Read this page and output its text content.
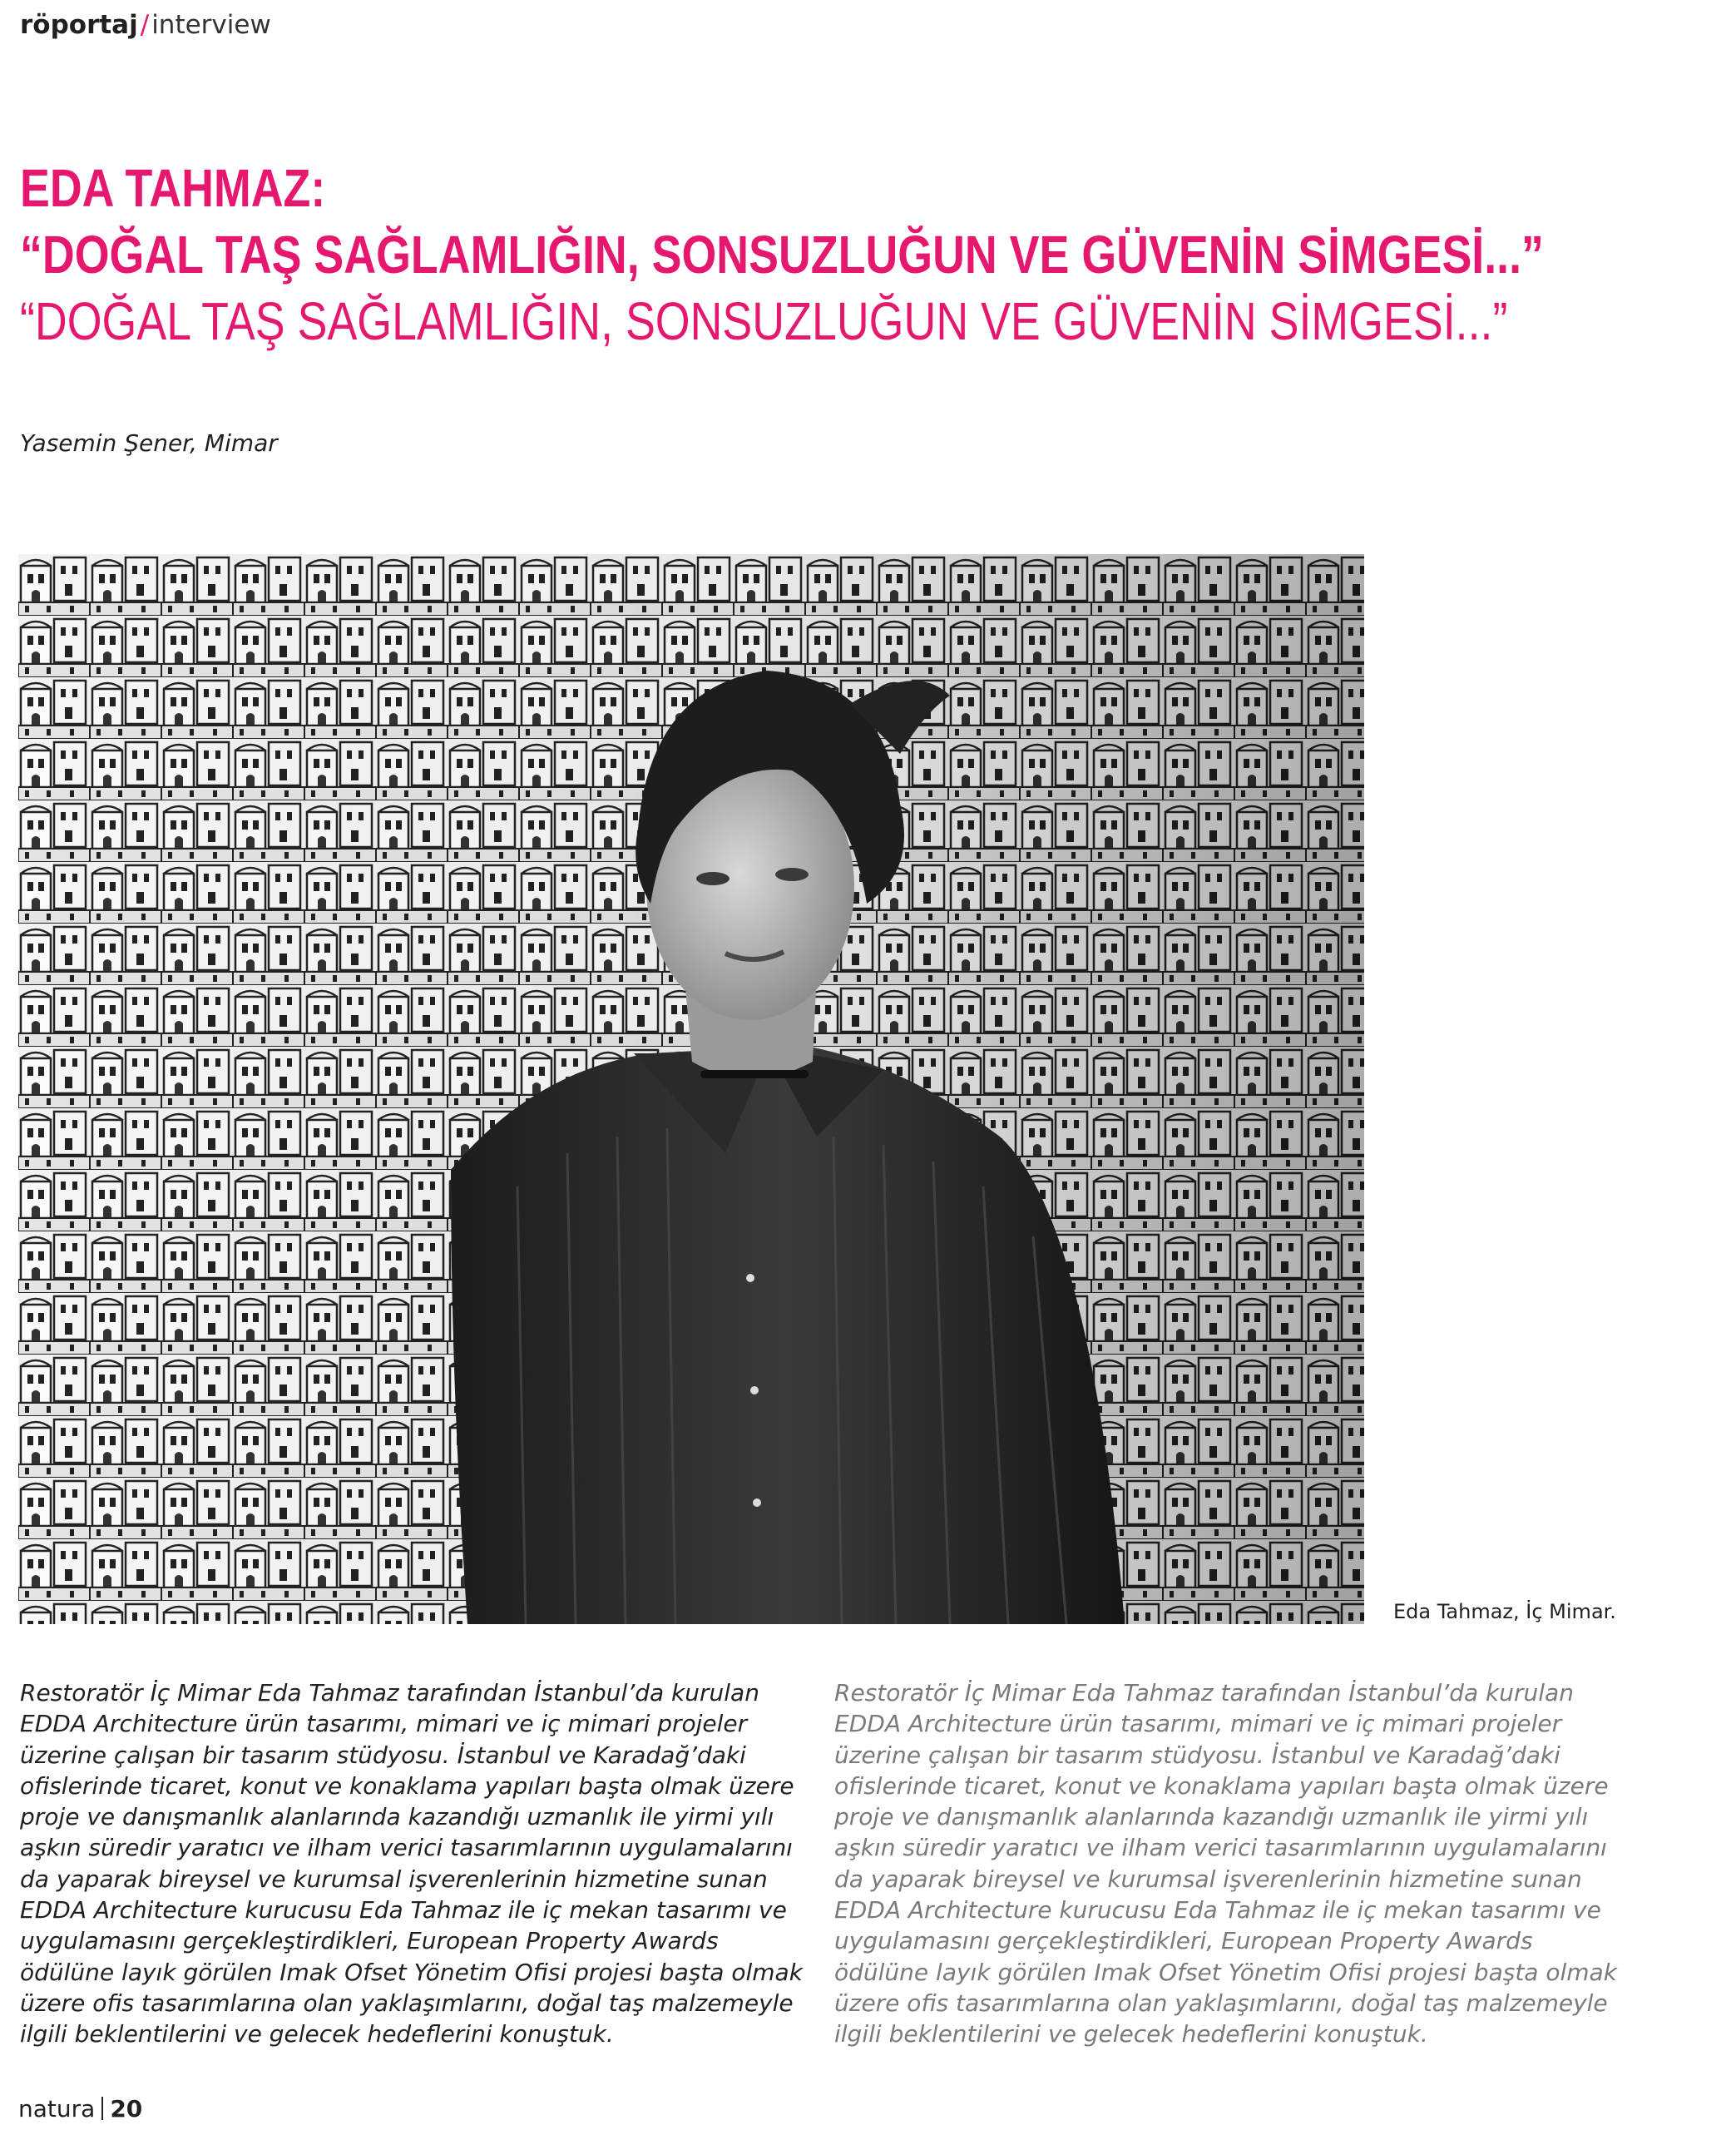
röportaj/interview
EDA TAHMAZ:
“DOĞAL TAŞ SAĞLAMLIĞIN, SONSUZLUĞUN VE GÜVENİN SİMGESİ...”
“DOĞAL TAŞ SAĞLAMLIĞIN, SONSUZLUĞUN VE GÜVENİN SİMGESİ...”
Yasemin Şener, Mimar
Eda Tahmaz, İç Mimar.
Restoratör İç Mimar Eda Tahmaz tarafından İstanbul’da kurulan EDDA Architecture ürün tasarımı, mimari ve iç mimari projeler üzerine çalışan bir tasarım stüdyosu. İstanbul ve Karadağ’daki ofislerinde ticaret, konut ve konaklama yapıları başta olmak üzere proje ve danışmanlık alanlarında kazandığı uzmanlık ile yirmi yılı aşkın süredir yaratıcı ve ilham verici tasarımlarının uygulamalarını da yaparak bireysel ve kurumsal işverenlerinin hizmetine sunan EDDA Architecture kurucusu Eda Tahmaz ile iç mekan tasarımı ve uygulamasını gerçekleştirdikleri, European Property Awards ödülüne layık görülen Imak Ofset Yönetim Ofisi projesi başta olmak üzere ofis tasarımlarına olan yaklaşımlarını, doğal taş malzemeyle ilgili beklentilerini ve gelecek hedeflerini konuştuk.
Restoratör İç Mimar Eda Tahmaz tarafından İstanbul’da kurulan EDDA Architecture ürün tasarımı, mimari ve iç mimari projeler üzerine çalışan bir tasarım stüdyosu. İstanbul ve Karadağ’daki ofislerinde ticaret, konut ve konaklama yapıları başta olmak üzere proje ve danışmanlık alanlarında kazandığı uzmanlık ile yirmi yılı aşkın süredir yaratıcı ve ilham verici tasarımlarının uygulamalarını da yaparak bireysel ve kurumsal işverenlerinin hizmetine sunan EDDA Architecture kurucusu Eda Tahmaz ile iç mekan tasarımı ve uygulamasını gerçekleştirdikleri, European Property Awards ödülüne layık görülen Imak Ofset Yönetim Ofisi projesi başta olmak üzere ofis tasarımlarına olan yaklaşımlarını, doğal taş malzemeyle ilgili beklentilerini ve gelecek hedeflerini konuştuk.
natura 20
